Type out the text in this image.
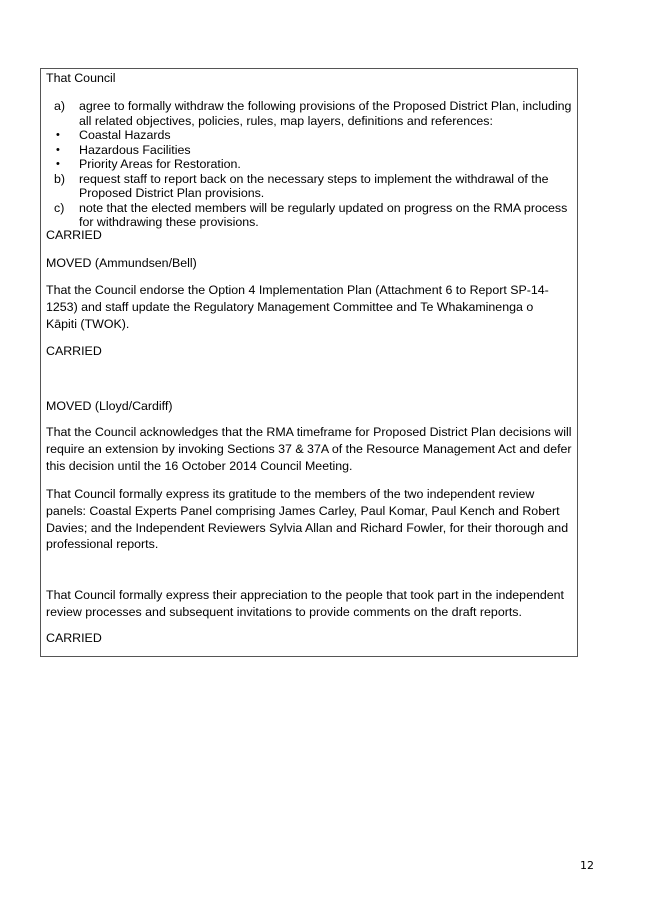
That Council

a) agree to formally withdraw the following provisions of the Proposed District Plan, including

all related objectives, policies, rules, map layers, definitions and references:

• Coastal Hazards

• Hazardous Facilities

• Priority Areas for Restoration.

b) request staff to report back on the necessary steps to implement the withdrawal of the

Proposed District Plan provisions.

c) note that the elected members will be regularly updated on progress on the RMA process

for withdrawing these provisions.

CARRIED

MOVED (Ammundsen/Bell)

That the Council endorse the Option 4 Implementation Plan (Attachment 6 to Report SP-14-1253) and staff update the Regulatory Management Committee and Te Whakaminenga o Kāpiti (TWOK).

CARRIED

MOVED (Lloyd/Cardiff)

That the Council acknowledges that the RMA timeframe for Proposed District Plan decisions will require an extension by invoking Sections 37 & 37A of the Resource Management Act and defer this decision until the 16 October 2014 Council Meeting.

That Council formally express its gratitude to the members of the two independent review panels: Coastal Experts Panel comprising James Carley, Paul Komar, Paul Kench and Robert Davies; and the Independent Reviewers Sylvia Allan and Richard Fowler, for their thorough and professional reports.

That Council formally express their appreciation to the people that took part in the independent review processes and subsequent invitations to provide comments on the draft reports.

CARRIED

12
